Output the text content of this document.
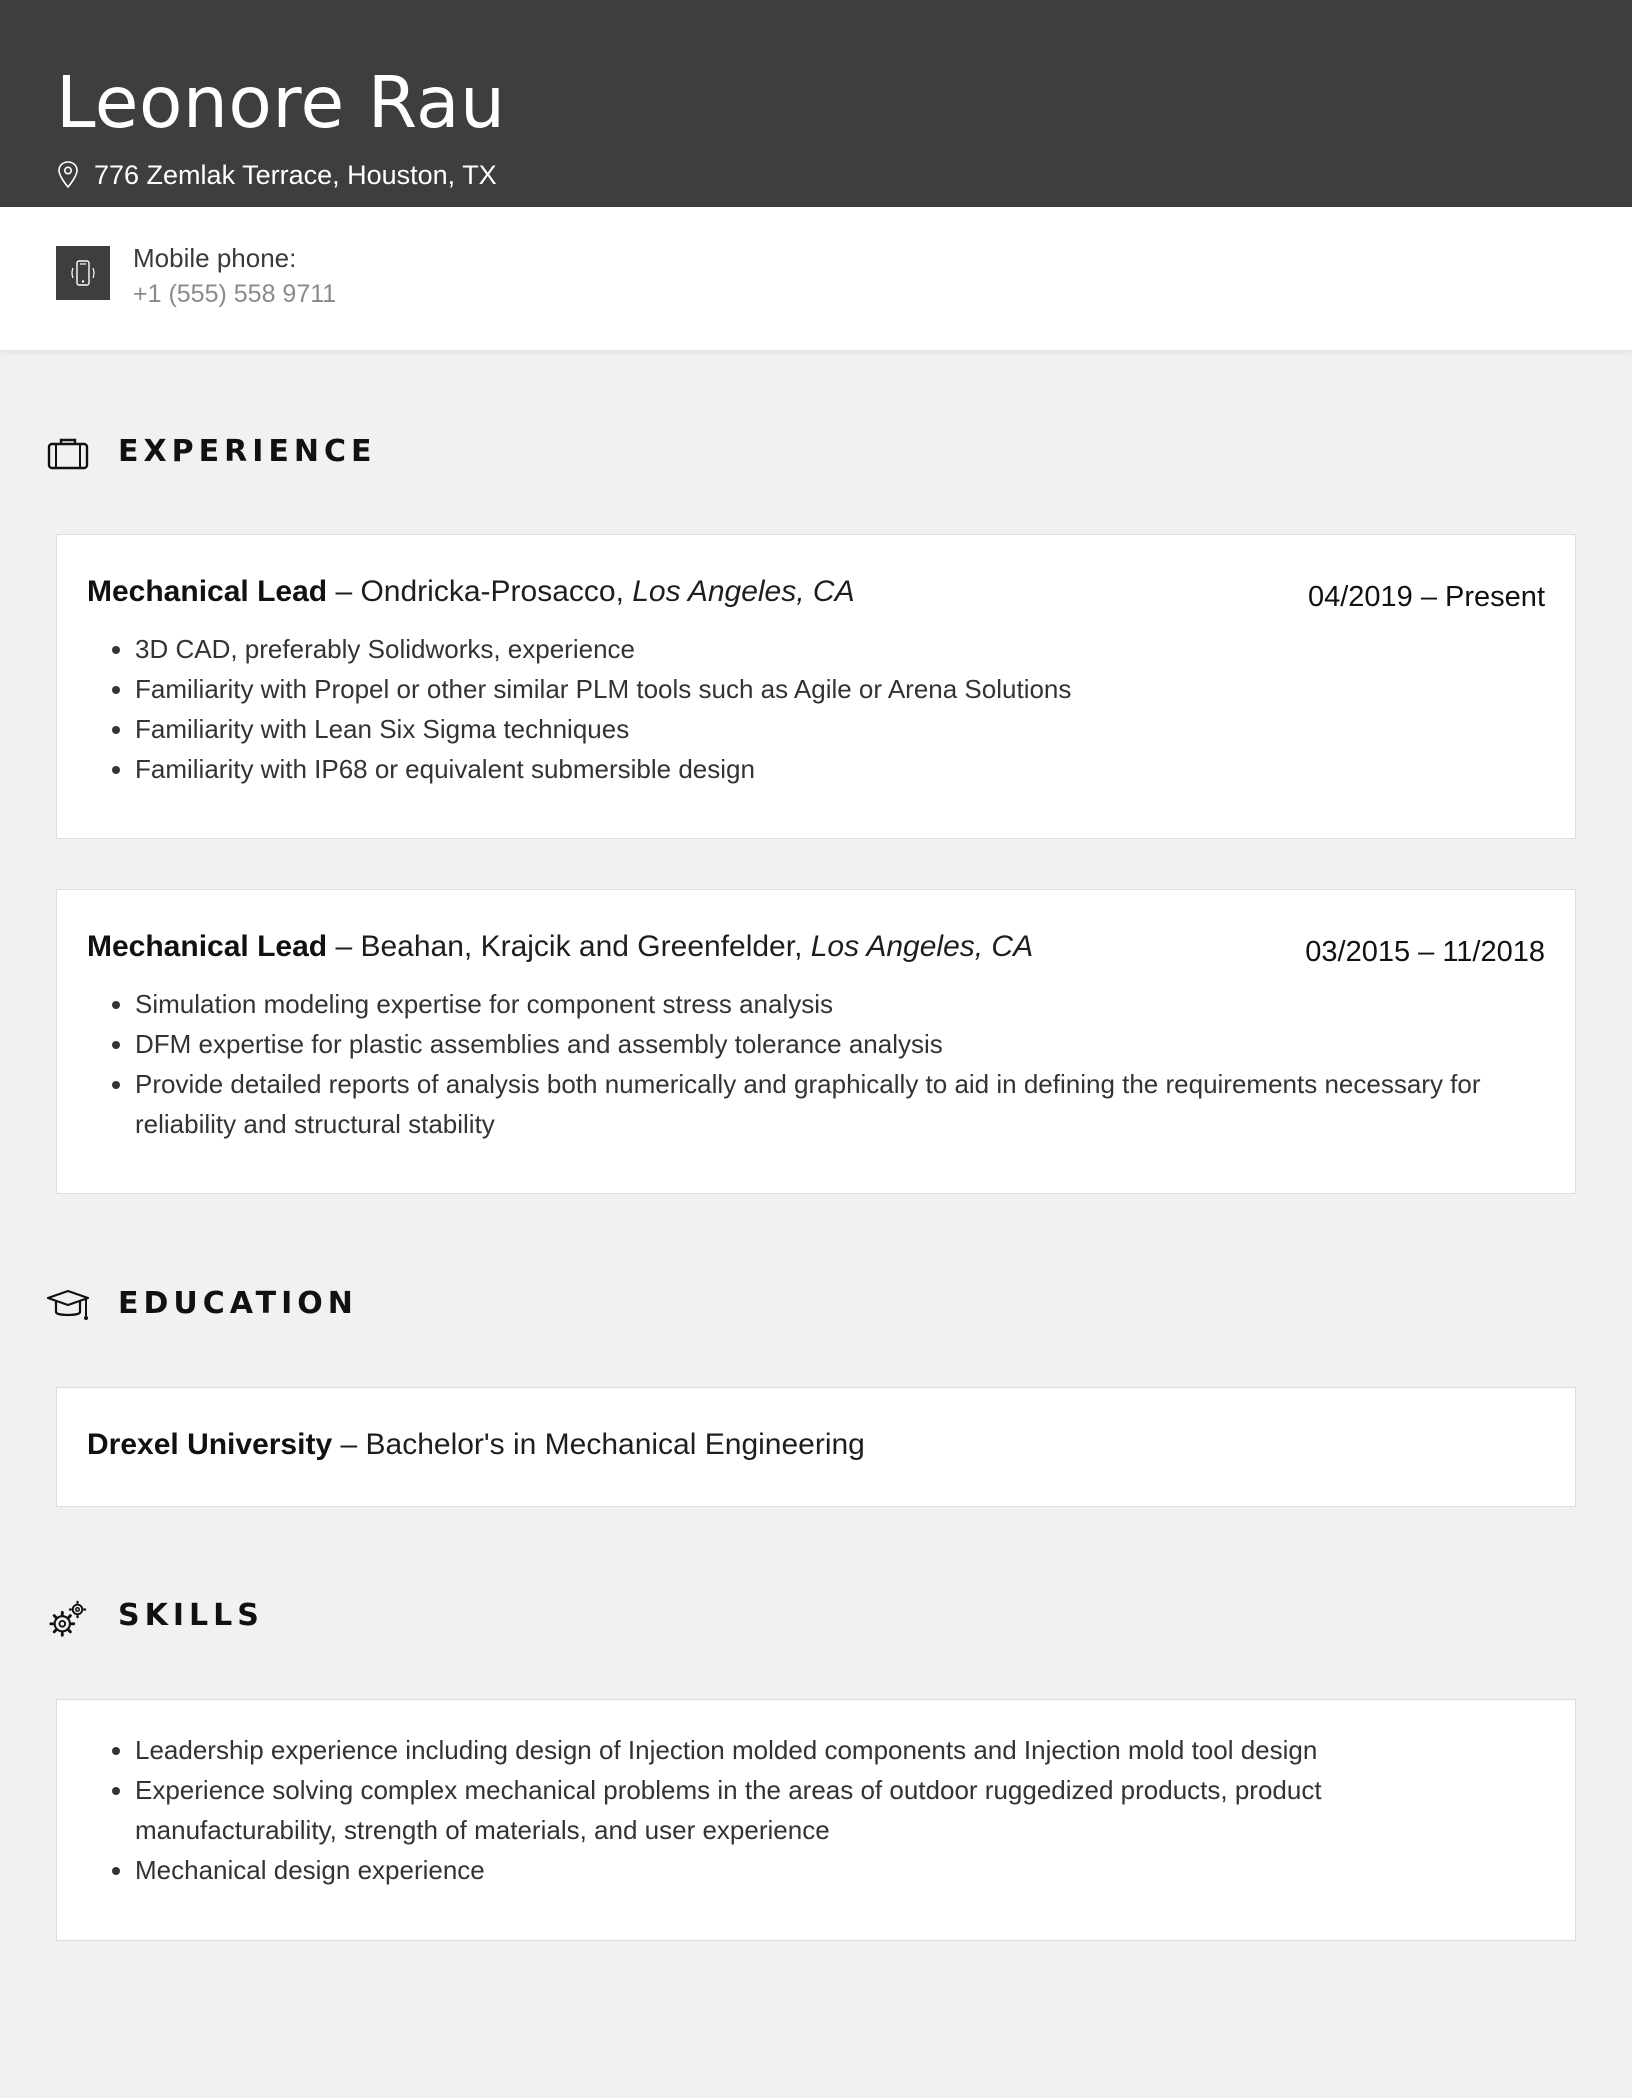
Leonore Rau
776 Zemlak Terrace, Houston, TX
Mobile phone:
+1 (555) 558 9711
EXPERIENCE
Mechanical Lead – Ondricka-Prosacco, Los Angeles, CA	04/2019 – Present
• 3D CAD, preferably Solidworks, experience
• Familiarity with Propel or other similar PLM tools such as Agile or Arena Solutions
• Familiarity with Lean Six Sigma techniques
• Familiarity with IP68 or equivalent submersible design
Mechanical Lead – Beahan, Krajcik and Greenfelder, Los Angeles, CA	03/2015 – 11/2018
• Simulation modeling expertise for component stress analysis
• DFM expertise for plastic assemblies and assembly tolerance analysis
• Provide detailed reports of analysis both numerically and graphically to aid in defining the requirements necessary for reliability and structural stability
EDUCATION
Drexel University – Bachelor's in Mechanical Engineering
SKILLS
• Leadership experience including design of Injection molded components and Injection mold tool design
• Experience solving complex mechanical problems in the areas of outdoor ruggedized products, product manufacturability, strength of materials, and user experience
• Mechanical design experience
